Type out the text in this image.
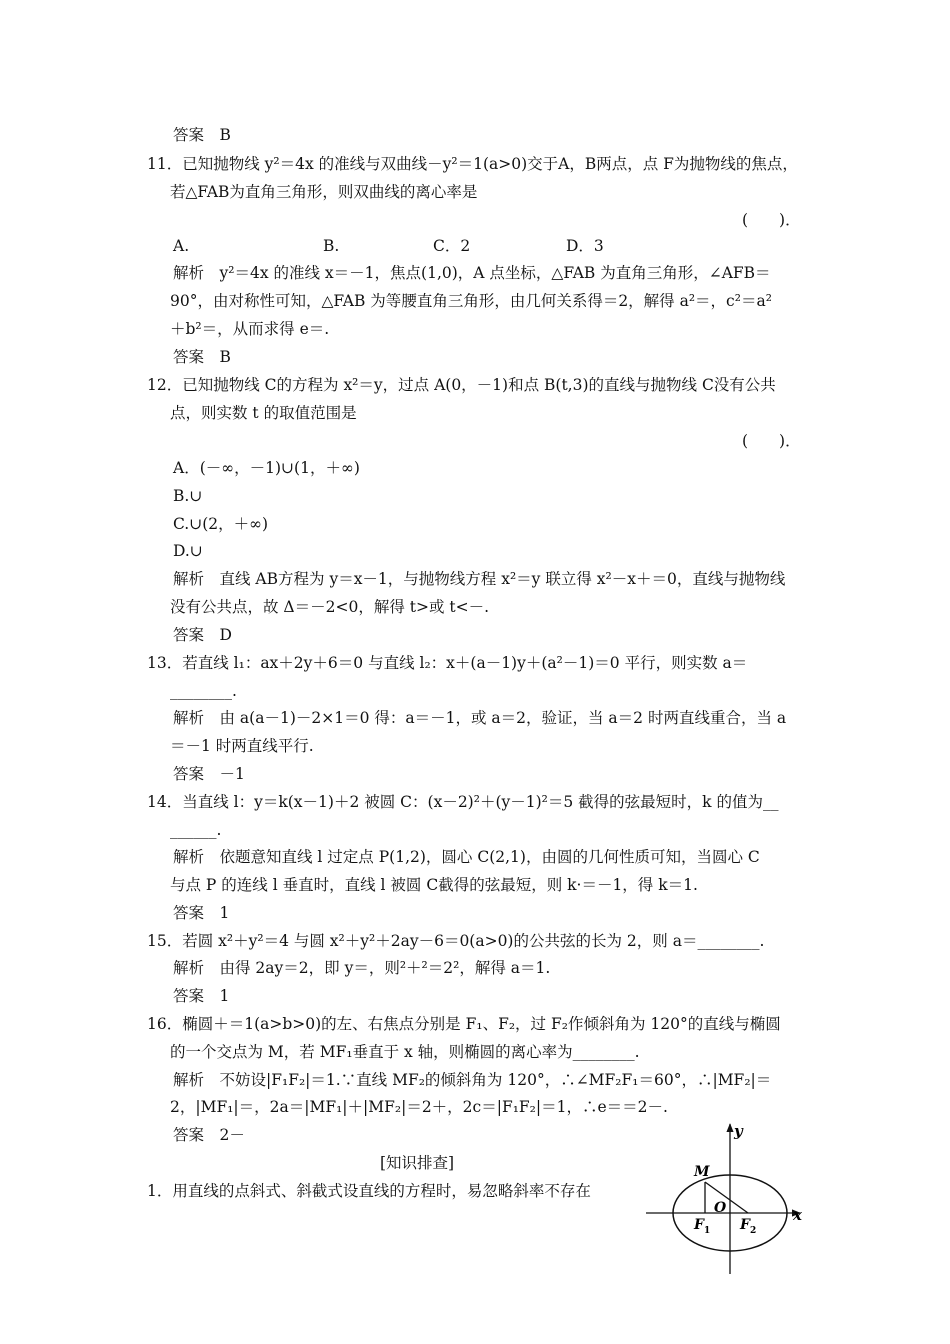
答案　B
11．已知抛物线 y²＝4x 的准线与双曲线－y²＝1(a>0)交于A，B两点，点 F为抛物线的焦点，
若△FAB为直角三角形，则双曲线的离心率是
(　　)．
A.	B.	C．2	D．3
解析　y²＝4x 的准线 x＝－1，焦点(1,0)，A 点坐标，△FAB 为直角三角形，∠AFB＝
90°，由对称性可知，△FAB 为等腰直角三角形，由几何关系得＝2，解得 a²＝，c²＝a²
＋b²＝，从而求得 e＝.
答案　B
12．已知抛物线 C的方程为 x²＝y，过点 A(0，－1)和点 B(t,3)的直线与抛物线 C没有公共
点，则实数 t 的取值范围是
(　　)．
A．(－∞，－1)∪(1，＋∞)
B.∪
C.∪(2，＋∞)
D.∪
解析　直线 AB方程为 y＝x－1，与抛物线方程 x²＝y 联立得 x²－x＋＝0，直线与抛物线
没有公共点，故 Δ＝－2<0，解得 t>或 t<－.
答案　D
13．若直线 l₁：ax＋2y＋6＝0 与直线 l₂：x＋(a－1)y＋(a²－1)＝0 平行，则实数 a＝
________.
解析　由 a(a－1)－2×1＝0 得：a＝－1，或 a＝2，验证，当 a＝2 时两直线重合，当 a
＝－1 时两直线平行.
答案　－1
14．当直线 l：y＝k(x－1)＋2 被圆 C：(x－2)²＋(y－1)²＝5 截得的弦最短时，k 的值为__
______.
解析　依题意知直线 l 过定点 P(1,2)，圆心 C(2,1)，由圆的几何性质可知，当圆心 C
与点 P 的连线 l 垂直时，直线 l 被圆 C截得的弦最短，则 k·＝－1，得 k＝1.
答案　1
15．若圆 x²＋y²＝4 与圆 x²＋y²＋2ay－6＝0(a>0)的公共弦的长为 2，则 a＝________.
解析　由得 2ay＝2，即 y＝，则²＋²＝2²，解得 a＝1.
答案　1
16．椭圆＋＝1(a>b>0)的左、右焦点分别是 F₁、F₂，过 F₂作倾斜角为 120°的直线与椭圆
的一个交点为 M，若 MF₁垂直于 x 轴，则椭圆的离心率为________.
解析　不妨设|F₁F₂|＝1.∵直线 MF₂的倾斜角为 120°，∴∠MF₂F₁＝60°，∴|MF₂|＝
2，|MF₁|＝，2a＝|MF₁|＋|MF₂|＝2＋，2c＝|F₁F₂|＝1，∴e＝＝2－.
答案　2－
[知识排查]
1．用直线的点斜式、斜截式设直线的方程时，易忽略斜率不存在
y
x
M
O
F 1 F 2
